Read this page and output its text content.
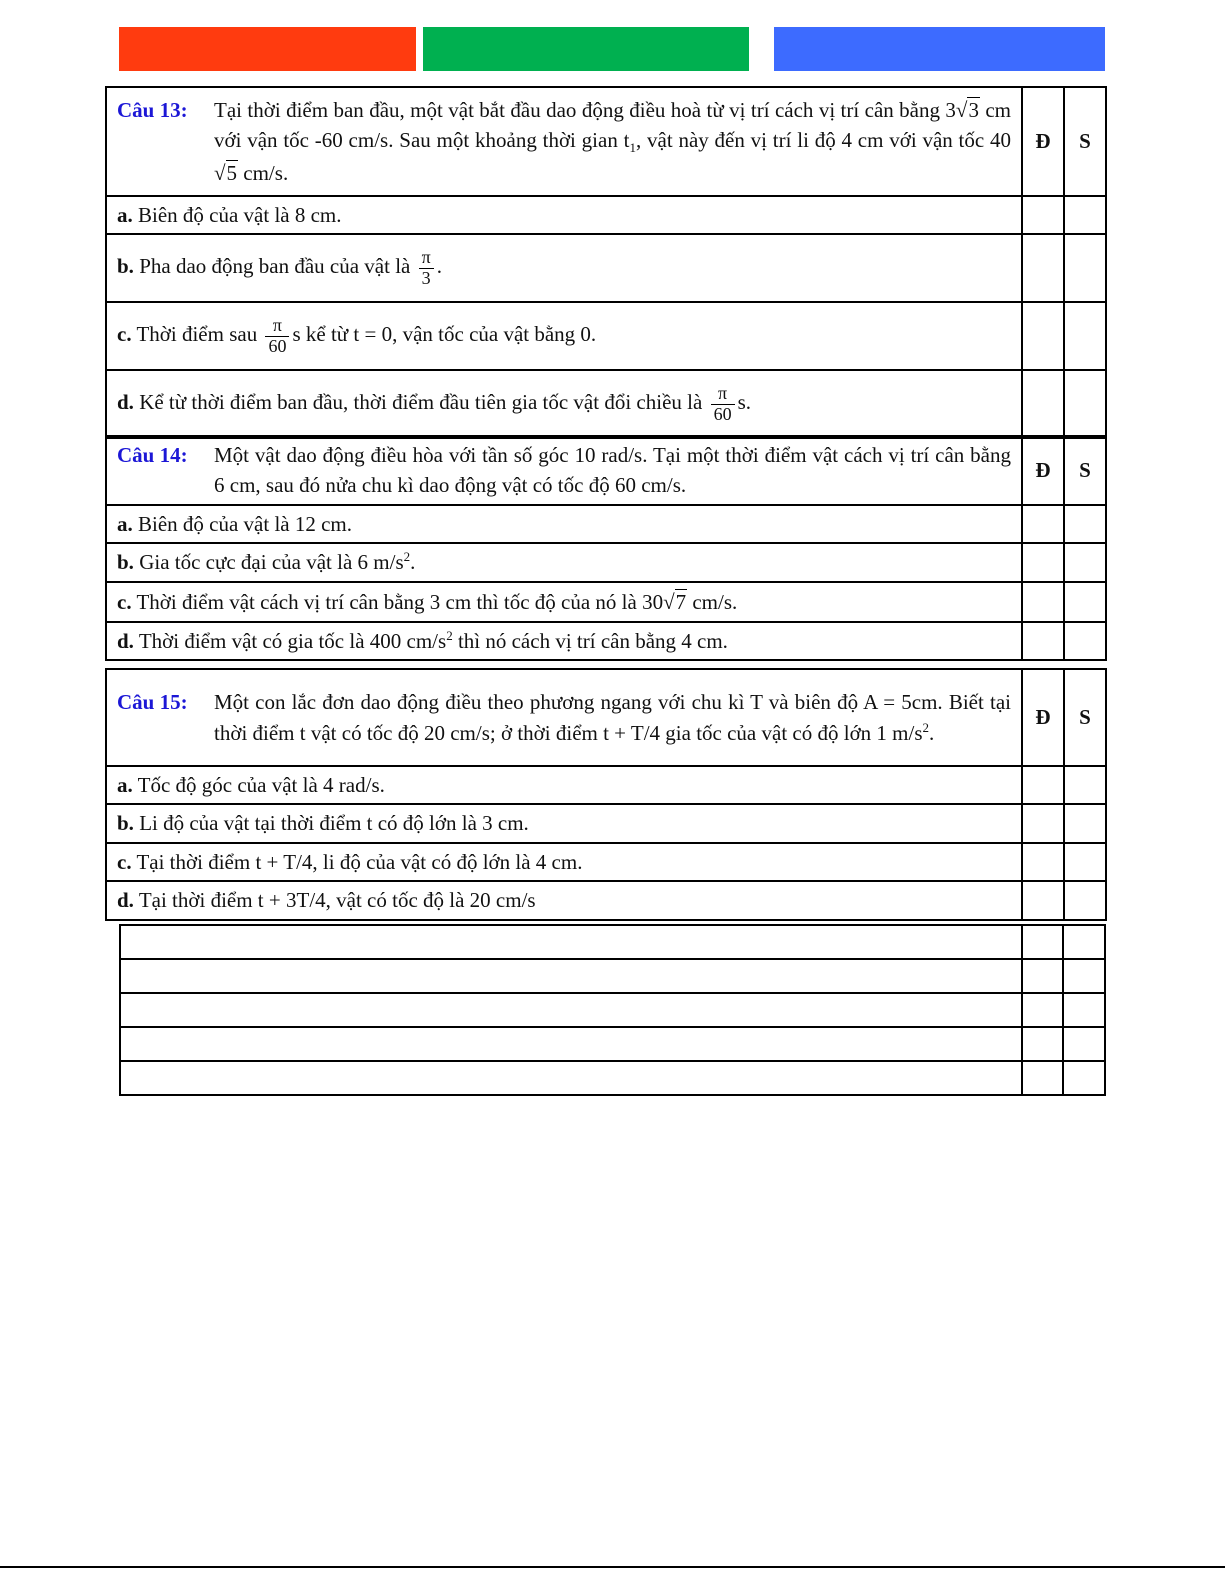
Câu 13: Tại thời điểm ban đầu, một vật bắt đầu dao động điều hoà từ vị trí cách vị trí cân bằng 3√3 cm với vận tốc -60 cm/s. Sau một khoảng thời gian $t_1$, vật này đến vị trí li độ 4 cm với vận tốc 40√5 cm/s.	Đ	S
a. Biên độ của vật là 8 cm.		
b. Pha dao động ban đầu của vật là $\frac{\pi}{3}$ .		
c. Thời điểm sau $\frac{\pi}{60}$ s kể từ t = 0, vận tốc của vật bằng 0.		
d. Kể từ thời điểm ban đầu, thời điểm đầu tiên gia tốc vật đổi chiều là $\frac{\pi}{60} s$.		
Câu 14: Một vật dao động điều hòa với tần số góc 10 rad/s. Tại một thời điểm vật cách vị trí cân bằng 6 cm, sau đó nửa chu kì dao động vật có tốc độ 60 cm/s.	Đ	S
a. Biên độ của vật là 12 cm.		
b. Gia tốc cực đại của vật là 6 $m/s^2$.		
c. Thời điểm vật cách vị trí cân bằng 3 cm thì tốc độ của nó là 30√7 cm/s.		
d. Thời điểm vật có gia tốc là 400 $cm/s^2$ thì nó cách vị trí cân bằng 4 cm.		
Câu 15: Một con lắc đơn dao động điều theo phương ngang với chu kì T và biên độ A = 5cm. Biết tại thời điểm t vật có tốc độ 20 cm/s; ở thời điểm t + T/4 gia tốc của vật có độ lớn 1 $m/s^2$.	Đ	S
a. Tốc độ góc của vật là 4 rad/s.		
b. Li độ của vật tại thời điểm t có độ lớn là 3 cm.		
c. Tại thời điểm t + T/4, li độ của vật có độ lớn là 4 cm.		
d. Tại thời điểm t + 3T/4, vật có tốc độ là 20 cm/s		
